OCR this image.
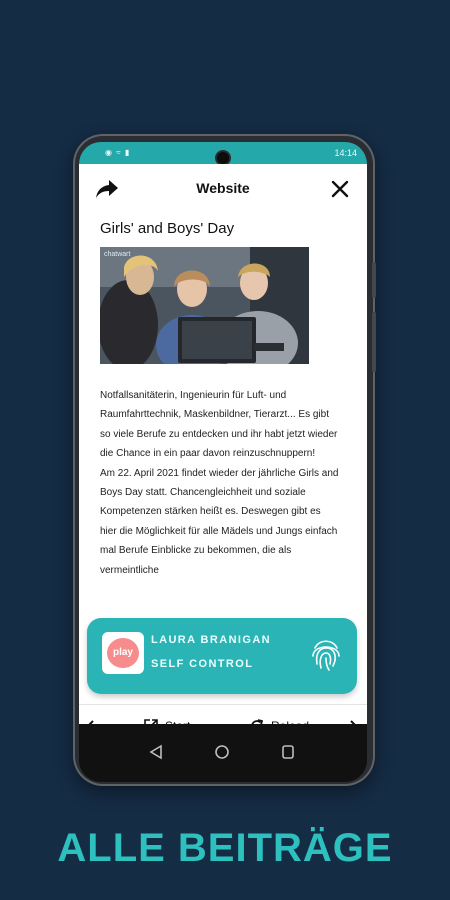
◉ ≈ ▮	14:14
Website
Girls' and Boys' Day
chatwart

Notfallsanitäterin, Ingenieurin für Luft- und Raumfahrttechnik, Maskenbildner, Tierarzt... Es gibt so viele Berufe zu entdecken und ihr habt jetzt wieder die Chance in ein paar davon reinzuschnuppern!

Am 22. April 2021 findet wieder der jährliche Girls and Boys Day statt. Chancengleichheit und soziale Kompetenzen stärken heißt es. Deswegen gibt es hier die Möglichkeit für alle Mädels und Jungs einfach mal Berufe Einblicke zu bekommen, die als vermeintliche

play
LAURA BRANIGAN
SELF CONTROL
ALLE BEITRÄGE
